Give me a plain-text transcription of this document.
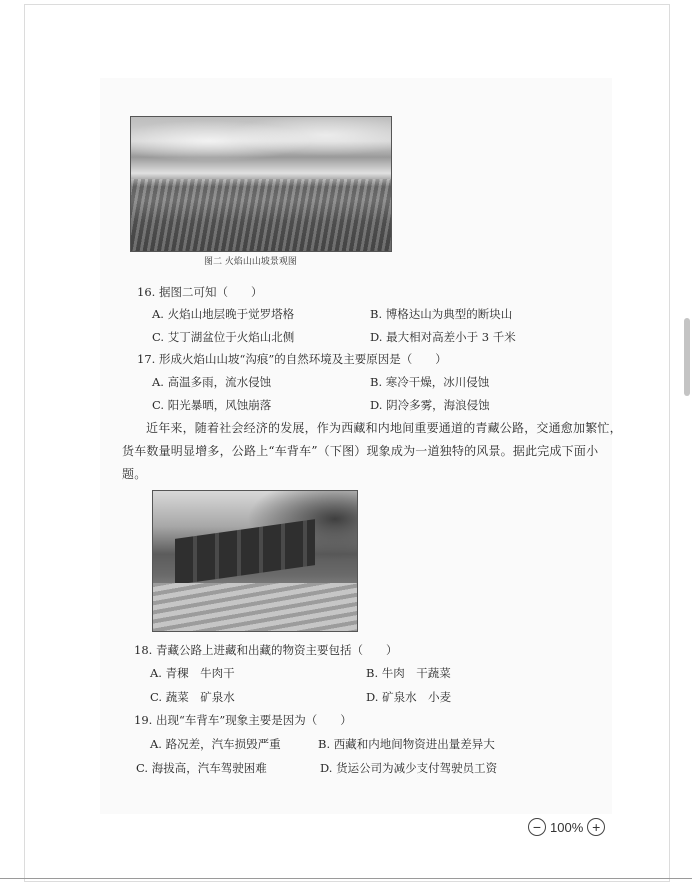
图二 火焰山山坡景观图
16. 据图二可知（　　）
A. 火焰山地层晚于觉罗塔格	B. 博格达山为典型的断块山
C. 艾丁湖盆位于火焰山北侧	D. 最大相对高差小于 3 千米
17. 形成火焰山山坡“沟痕”的自然环境及主要原因是（　　）
A. 高温多雨，流水侵蚀	B. 寒冷干燥，冰川侵蚀
C. 阳光暴晒，风蚀崩落	D. 阴冷多雾，海浪侵蚀
近年来，随着社会经济的发展，作为西藏和内地间重要通道的青藏公路，交通愈加繁忙，
货车数量明显增多，公路上“车背车”（下图）现象成为一道独特的风景。据此完成下面小
题。
18. 青藏公路上进藏和出藏的物资主要包括（　　）
A. 青稞　牛肉干	B. 牛肉　干蔬菜
C. 蔬菜　矿泉水	D. 矿泉水　小麦
19. 出现“车背车”现象主要是因为（　　）
A. 路况差，汽车损毁严重	B. 西藏和内地间物资进出量差异大
C. 海拔高，汽车驾驶困难	D. 货运公司为减少支付驾驶员工资
− 100% +
